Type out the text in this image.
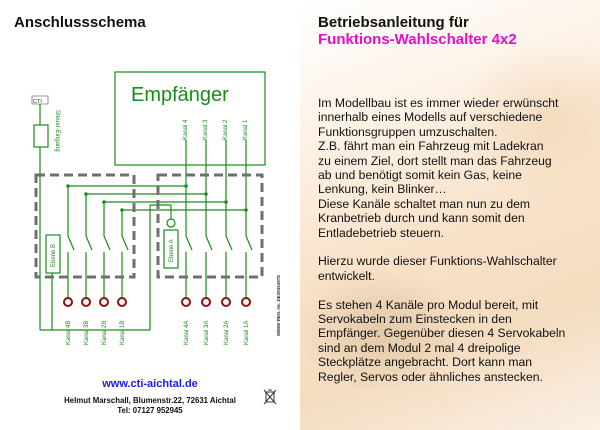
Anschlussschema
CTI	Empfänger
Kanal 4 Kanal 3 Kanal 2 Kanal 1
Steuer-Eingang
Ebene B	Ebene A
Kanal 4B Kanal 3B Kanal 2B Kanal 1B	Kanal 4A Kanal 3A Kanal 2A Kanal 1A
www.cti-aichtal.de
Helmut Marschall, Blumenstr.22, 72631 Aichtal
Tel: 07127 952945
WEEE-REG.-Nr. DE39354978
Betriebsanleitung für
Funktions-Wahlschalter 4x2

Im Modellbau ist es immer wieder erwünscht
innerhalb eines Modells auf verschiedene
Funktionsgruppen umzuschalten.
Z.B. fährt man ein Fahrzeug mit Ladekran
zu einem Ziel, dort stellt man das Fahrzeug
ab und benötigt somit kein Gas, keine
Lenkung, kein Blinker…
Diese Kanäle schaltet man nun zu dem
Kranbetrieb durch und kann somit den
Entladebetrieb steuern.

Hierzu wurde dieser Funktions-Wahlschalter
entwickelt.

Es stehen 4 Kanäle pro Modul bereit, mit
Servokabeln zum Einstecken in den
Empfänger. Gegenüber diesen 4 Servokabeln
sind an dem Modul 2 mal 4 dreipolige
Steckplätze angebracht. Dort kann man
Regler, Servos oder ähnliches anstecken.
